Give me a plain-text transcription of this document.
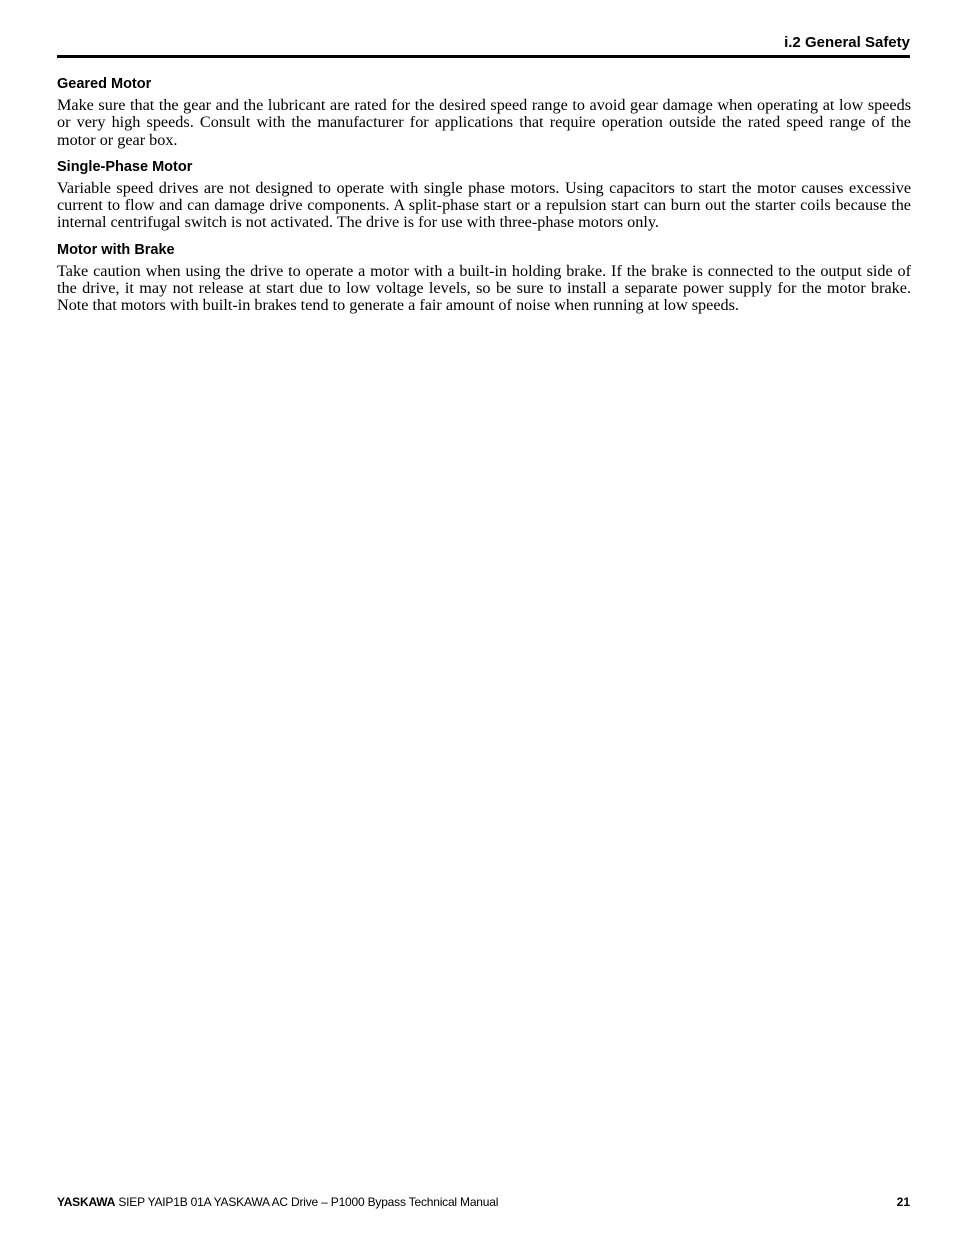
i.2 General Safety
Geared Motor
Make sure that the gear and the lubricant are rated for the desired speed range to avoid gear damage when operating at low speeds or very high speeds. Consult with the manufacturer for applications that require operation outside the rated speed range of the motor or gear box.
Single-Phase Motor
Variable speed drives are not designed to operate with single phase motors. Using capacitors to start the motor causes excessive current to flow and can damage drive components. A split-phase start or a repulsion start can burn out the starter coils because the internal centrifugal switch is not activated. The drive is for use with three-phase motors only.
Motor with Brake
Take caution when using the drive to operate a motor with a built-in holding brake. If the brake is connected to the output side of the drive, it may not release at start due to low voltage levels, so be sure to install a separate power supply for the motor brake. Note that motors with built-in brakes tend to generate a fair amount of noise when running at low speeds.
YASKAWA SIEP YAIP1B 01A YASKAWA AC Drive – P1000 Bypass Technical Manual	21
